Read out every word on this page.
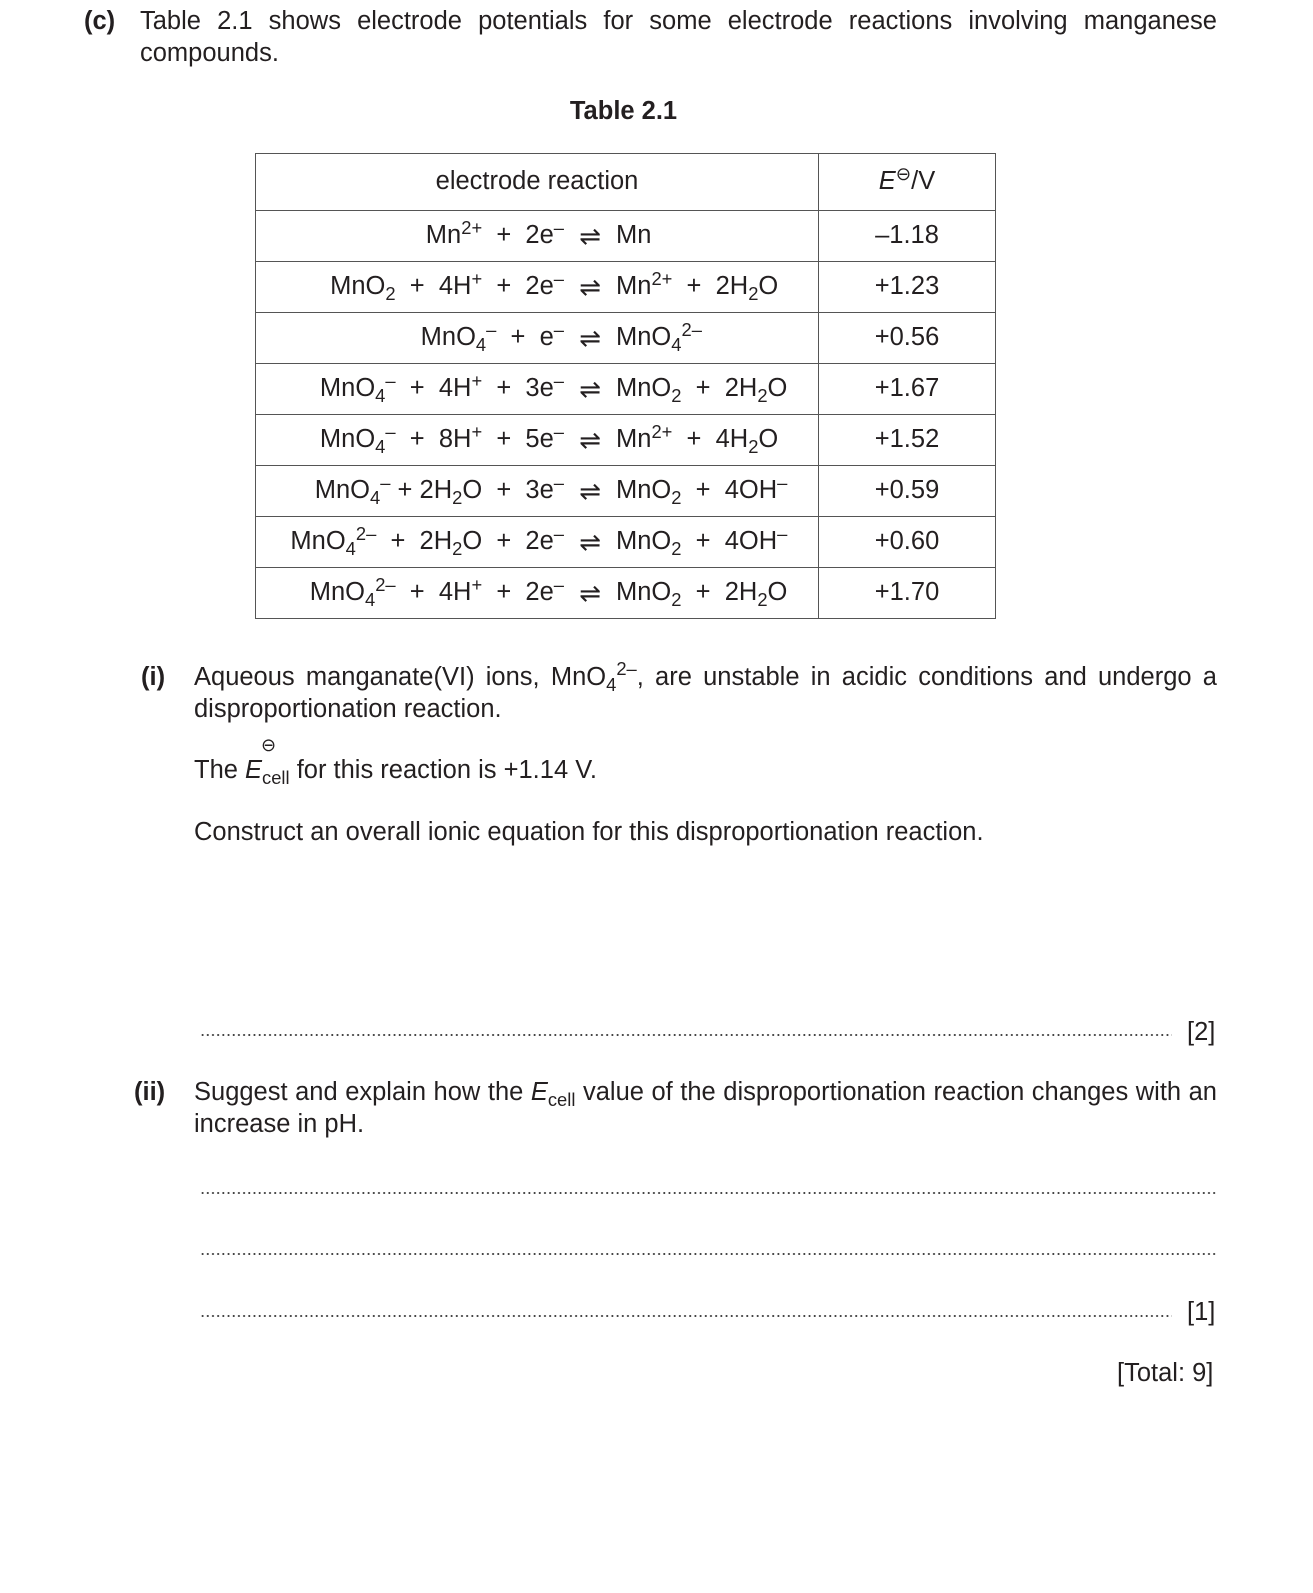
(c) Table 2.1 shows electrode potentials for some electrode reactions involving manganese compounds.
Table 2.1
electrode reaction	E⊖/V

$Mn^{2+} + 2e^-$ ⇌ Mn	–1.18

MnO$_2$  +  4H+  +  2e– ⇌ $Mn^{2+} + 2H_2O$	+1.23

MnO$_4$–  +  e– ⇌ MnO$_4^{2-}$	+0.56

MnO$_4$–  +  4H+  +  3e– ⇌ $MnO_2 + 2H_2O$	+1.67

MnO$_4$–  +  8H+  +  5e– ⇌ $Mn^{2+} + 4H_2O$	+1.52

$MnO_4^- + 2H_2O + 3e^-$ ⇌ MnO$_2$  +  4OH–	+0.59

$MnO_4^{2-} + 2H_2O + 2e^-$ ⇌ MnO$_2$  +  4OH–	+0.60

MnO$_4^{2-}$  +  4H+  +  2e– ⇌ $MnO_2 + 2H_2O$	+1.70
(i) Aqueous manganate(VI) ions, MnO$_4^{2-}$, are unstable in acidic conditions and undergo a disproportionation reaction.
The E
⊖
$_{cell}$ for this reaction is +1.14 V.
Construct an overall ionic equation for this disproportionation reaction.
[2]
(ii) Suggest and explain how the $E_{cell}$ value of the disproportionation reaction changes with an increase in pH.
[1]
[Total: 9]
